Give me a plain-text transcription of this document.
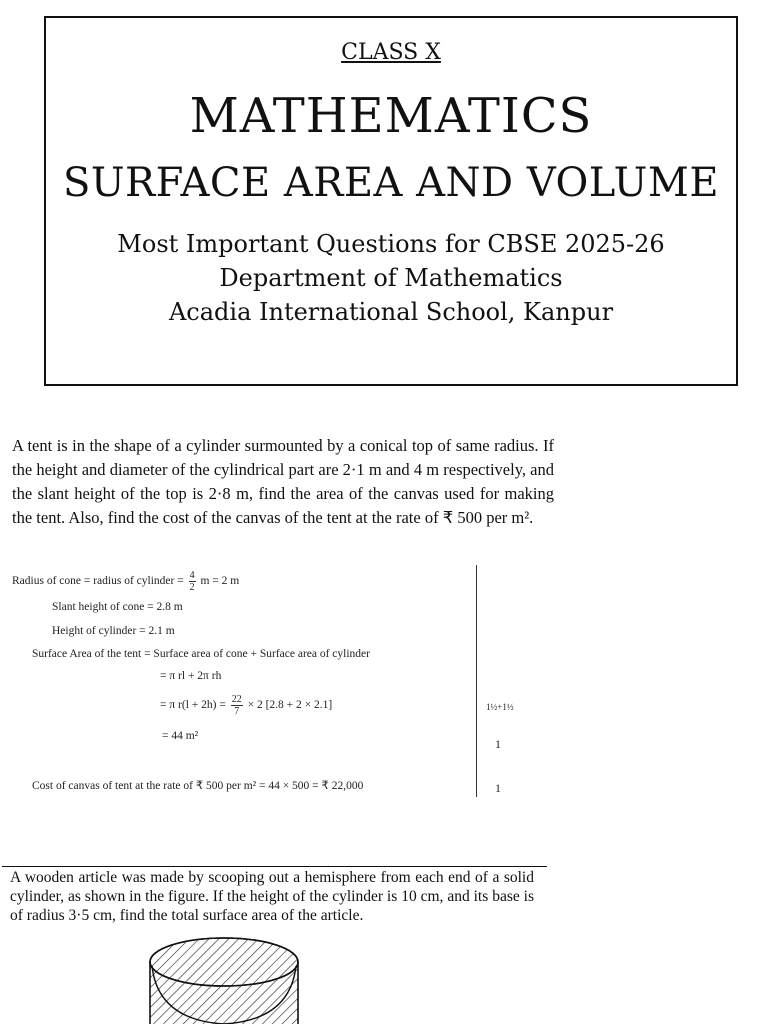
CLASS X
MATHEMATICS
SURFACE AREA AND VOLUME
Most Important Questions for CBSE 2025-26
Department of Mathematics
Acadia International School, Kanpur
A tent is in the shape of a cylinder surmounted by a conical top of same radius. If the height and diameter of the cylindrical part are 2·1 m and 4 m respectively, and the slant height of the top is 2·8 m, find the area of the canvas used for making the tent. Also, find the cost of the canvas of the tent at the rate of ₹ 500 per m².
Radius of cone = radius of cylinder = $\frac{4}{2}$ m = 2 m
Slant height of cone = 2.8 m
Height of cylinder = 2.1 m
Surface Area of the tent = Surface area of cone + Surface area of cylinder
= π rl + 2π rh
= π $r(l + 2h) = \frac{22}{7} \times 2$ [2.8 + 2 × 2.1]
= 44 m²
Cost of canvas of tent at the rate of ₹ 500 per m² = 44 × 500 = ₹ 22,000
1½+1½
1
1
A wooden article was made by scooping out a hemisphere from each end of a solid cylinder, as shown in the figure. If the height of the cylinder is 10 cm, and its base is of radius 3·5 cm, find the total surface area of the article.
